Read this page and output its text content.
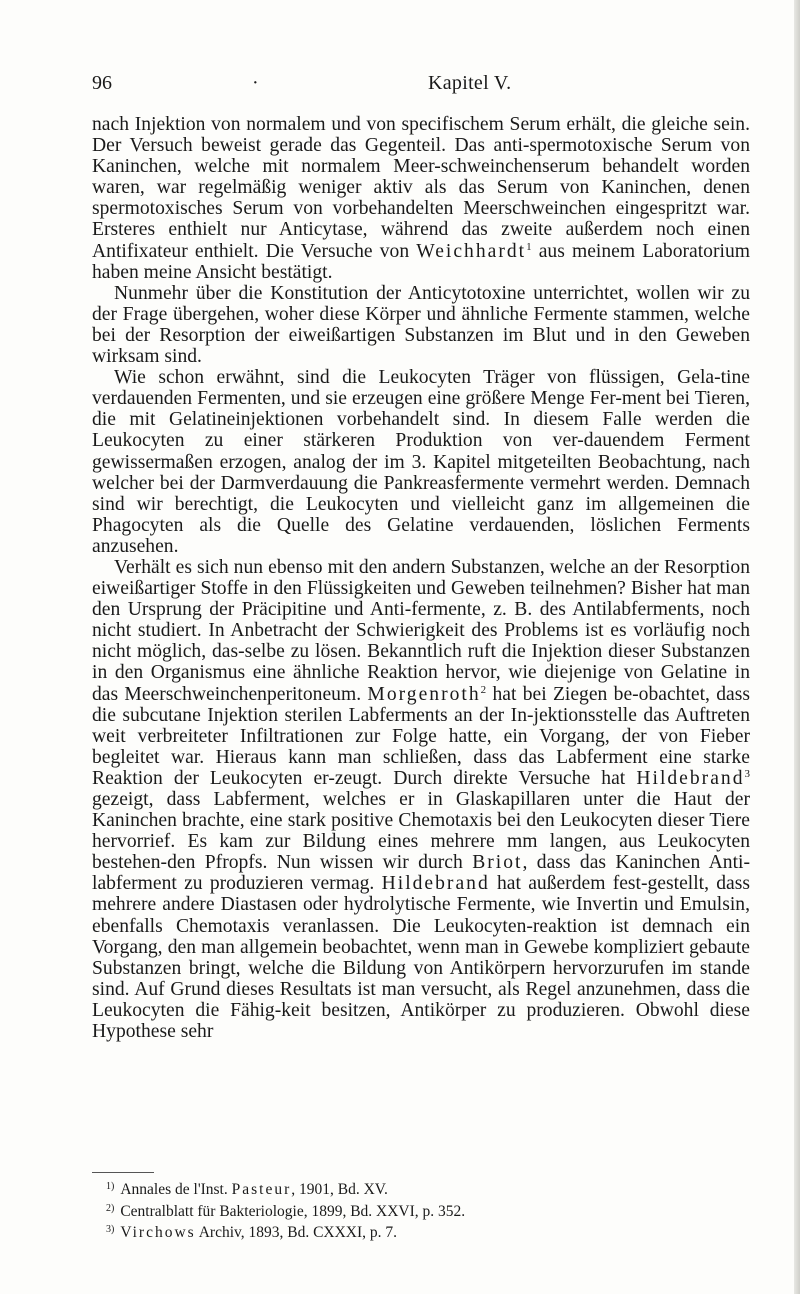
96	·	Kapitel V.

nach Injektion von normalem und von specifischem Serum erhält, die gleiche sein. Der Versuch beweist gerade das Gegenteil. Das anti-spermotoxische Serum von Kaninchen, welche mit normalem Meer-schweinchenserum behandelt worden waren, war regelmäßig weniger aktiv als das Serum von Kaninchen, denen spermotoxisches Serum von vorbehandelten Meerschweinchen eingespritzt war. Ersteres enthielt nur Anticytase, während das zweite außerdem noch einen Antifixateur enthielt. Die Versuche von Weichhardt$^1$ aus meinem Laboratorium haben meine Ansicht bestätigt.

Nunmehr über die Konstitution der Anticytotoxine unterrichtet, wollen wir zu der Frage übergehen, woher diese Körper und ähnliche Fermente stammen, welche bei der Resorption der eiweißartigen Substanzen im Blut und in den Geweben wirksam sind.

Wie schon erwähnt, sind die Leukocyten Träger von flüssigen, Gela-tine verdauenden Fermenten, und sie erzeugen eine größere Menge Fer-ment bei Tieren, die mit Gelatineinjektionen vorbehandelt sind. In diesem Falle werden die Leukocyten zu einer stärkeren Produktion von ver-dauendem Ferment gewissermaßen erzogen, analog der im 3. Kapitel mitgeteilten Beobachtung, nach welcher bei der Darmverdauung die Pankreasfermente vermehrt werden. Demnach sind wir berechtigt, die Leukocyten und vielleicht ganz im allgemeinen die Phagocyten als die Quelle des Gelatine verdauenden, löslichen Ferments anzusehen.

Verhält es sich nun ebenso mit den andern Substanzen, welche an der Resorption eiweißartiger Stoffe in den Flüssigkeiten und Geweben teilnehmen? Bisher hat man den Ursprung der Präcipitine und Anti-fermente, z. B. des Antilabferments, noch nicht studiert. In Anbetracht der Schwierigkeit des Problems ist es vorläufig noch nicht möglich, das-selbe zu lösen. Bekanntlich ruft die Injektion dieser Substanzen in den Organismus eine ähnliche Reaktion hervor, wie diejenige von Gelatine in das Meerschweinchenperitoneum. Morgenroth$^2$ hat bei Ziegen be-obachtet, dass die subcutane Injektion sterilen Labferments an der In-jektionsstelle das Auftreten weit verbreiteter Infiltrationen zur Folge hatte, ein Vorgang, der von Fieber begleitet war. Hieraus kann man schließen, dass das Labferment eine starke Reaktion der Leukocyten er-zeugt. Durch direkte Versuche hat Hildebrand$^3$ gezeigt, dass Labferment, welches er in Glaskapillaren unter die Haut der Kaninchen brachte, eine stark positive Chemotaxis bei den Leukocyten dieser Tiere hervorrief. Es kam zur Bildung eines mehrere mm langen, aus Leukocyten bestehen-den Pfropfs. Nun wissen wir durch Briot, dass das Kaninchen Anti-labferment zu produzieren vermag. Hildebrand hat außerdem fest-gestellt, dass mehrere andere Diastasen oder hydrolytische Fermente, wie Invertin und Emulsin, ebenfalls Chemotaxis veranlassen. Die Leukocyten-reaktion ist demnach ein Vorgang, den man allgemein beobachtet, wenn man in Gewebe kompliziert gebaute Substanzen bringt, welche die Bildung von Antikörpern hervorzurufen im stande sind. Auf Grund dieses Resultats ist man versucht, als Regel anzunehmen, dass die Leukocyten die Fähig-keit besitzen, Antikörper zu produzieren. Obwohl diese Hypothese sehr

$^{1)}$ Annales de l'Inst. Pasteur, 1901, Bd. XV.
$^{2)}$ Centralblatt für Bakteriologie, 1899, Bd. XXVI, p. 352.
$^{3)}$ Virchows Archiv, 1893, Bd. CXXXI, p. 7.
